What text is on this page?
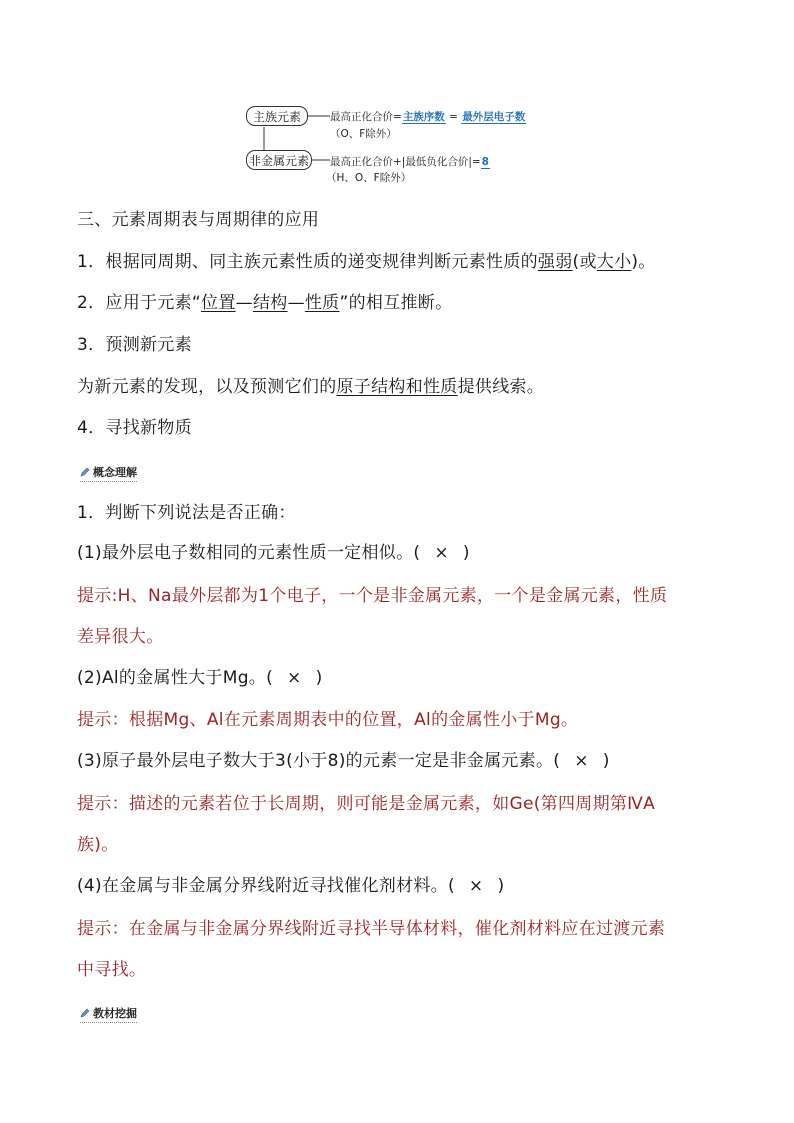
主族元素
非金属元素
最高正化合价=主族序数 = 最外层电子数
（O、F除外）
最高正化合价+|最低负化合价|=8
（H、O、F除外）
三、元素周期表与周期律的应用
1．根据同周期、同主族元素性质的递变规律判断元素性质的强弱(或大小)。
2．应用于元素“位置—结构—性质”的相互推断。
3．预测新元素
为新元素的发现，以及预测它们的原子结构和性质提供线索。
4．寻找新物质
概念理解
1．判断下列说法是否正确：
(1)最外层电子数相同的元素性质一定相似。( × )
提示:H、Na最外层都为1个电子，一个是非金属元素，一个是金属元素，性质
差异很大。
(2)Al的金属性大于Mg。( × )
提示：根据Mg、Al在元素周期表中的位置，Al的金属性小于Mg。
(3)原子最外层电子数大于3(小于8)的元素一定是非金属元素。( × )
提示：描述的元素若位于长周期，则可能是金属元素，如Ge(第四周期第ⅣA
族)。
(4)在金属与非金属分界线附近寻找催化剂材料。( × )
提示：在金属与非金属分界线附近寻找半导体材料，催化剂材料应在过渡元素
中寻找。
教材挖掘
